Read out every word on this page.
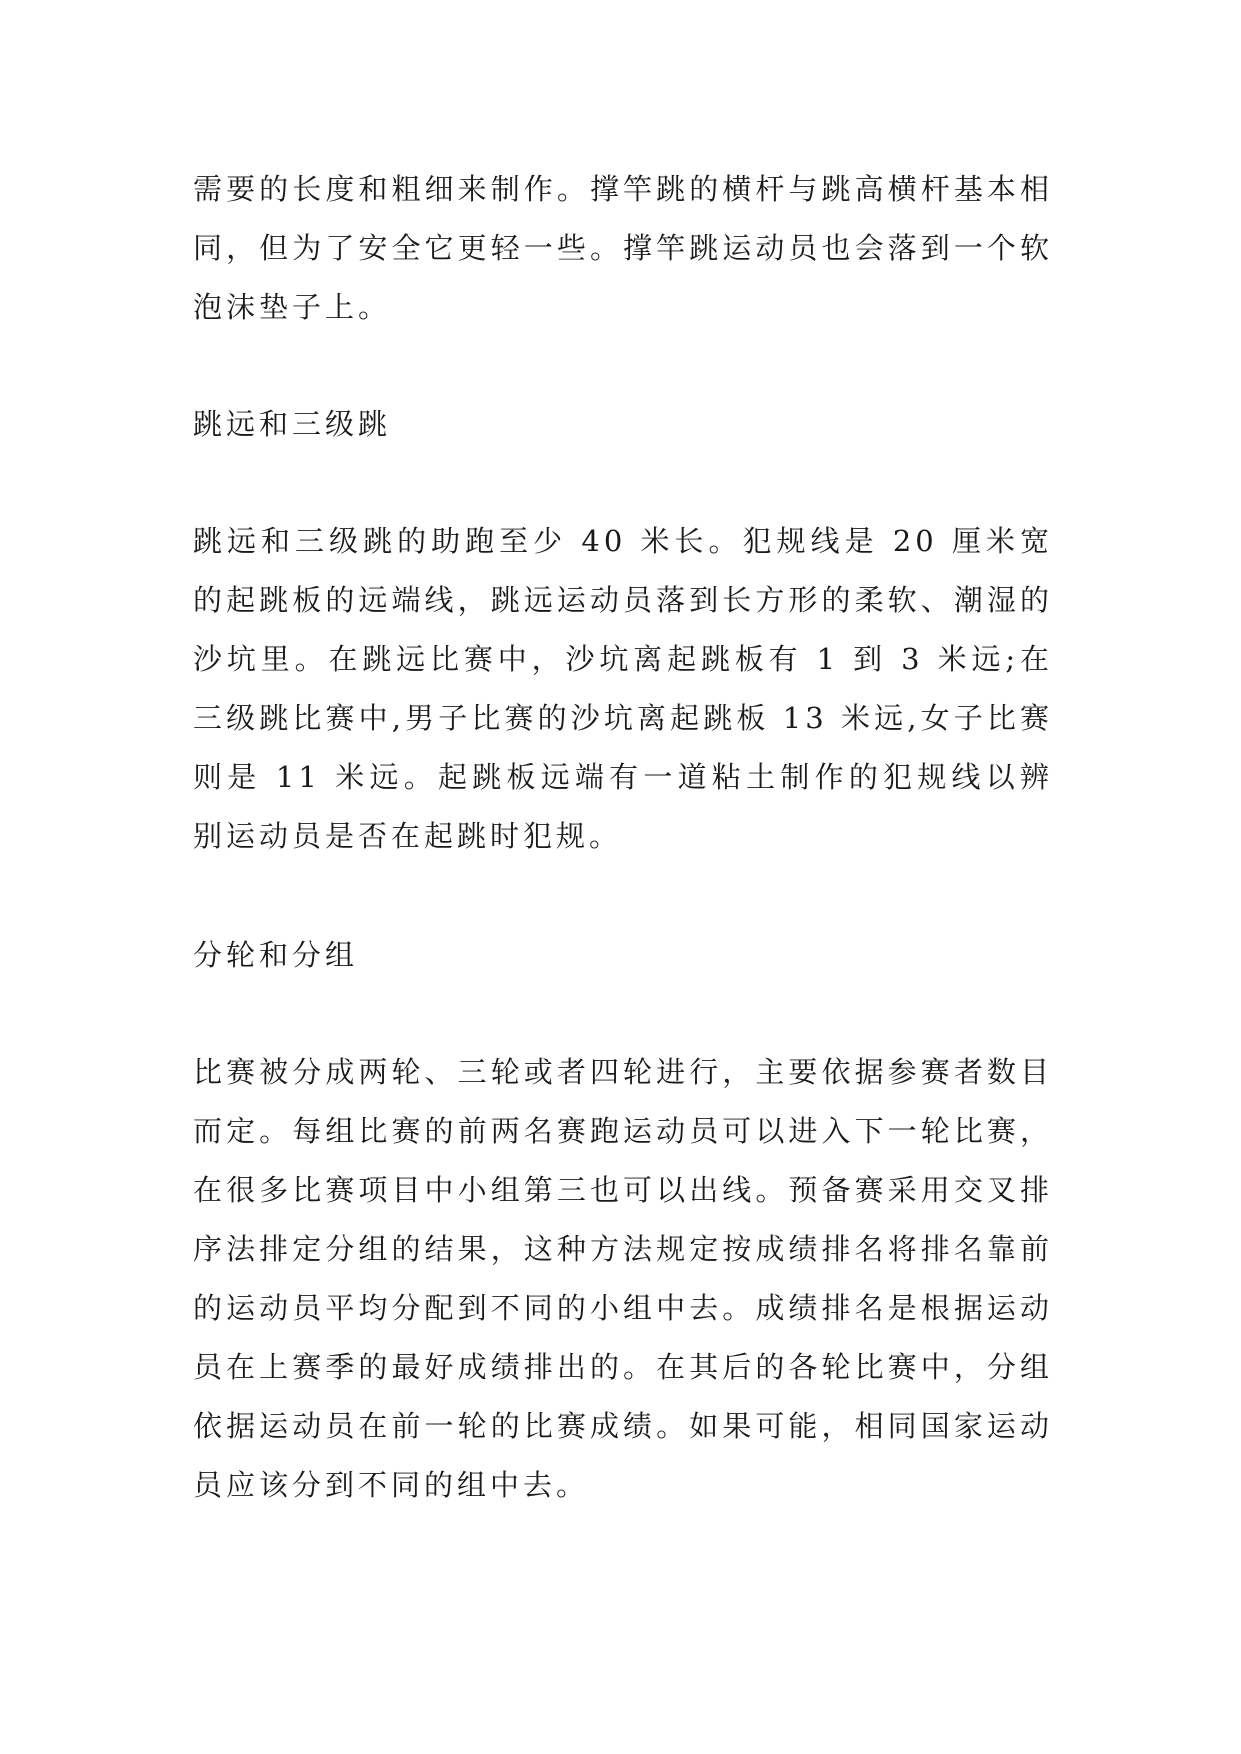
需要的长度和粗细来制作。撑竿跳的横杆与跳高横杆基本相同，但为了安全它更轻一些。撑竿跳运动员也会落到一个软泡沫垫子上。

跳远和三级跳

跳远和三级跳的助跑至少 40 米长。犯规线是 20 厘米宽的起跳板的远端线，跳远运动员落到长方形的柔软、潮湿的沙坑里。在跳远比赛中，沙坑离起跳板有 1 到 3 米远;在三级跳比赛中,男子比赛的沙坑离起跳板 13 米远,女子比赛则是 11 米远。起跳板远端有一道粘土制作的犯规线以辨别运动员是否在起跳时犯规。

分轮和分组

比赛被分成两轮、三轮或者四轮进行，主要依据参赛者数目而定。每组比赛的前两名赛跑运动员可以进入下一轮比赛，在很多比赛项目中小组第三也可以出线。预备赛采用交叉排序法排定分组的结果，这种方法规定按成绩排名将排名靠前的运动员平均分配到不同的小组中去。成绩排名是根据运动员在上赛季的最好成绩排出的。在其后的各轮比赛中，分组依据运动员在前一轮的比赛成绩。如果可能，相同国家运动员应该分到不同的组中去。
